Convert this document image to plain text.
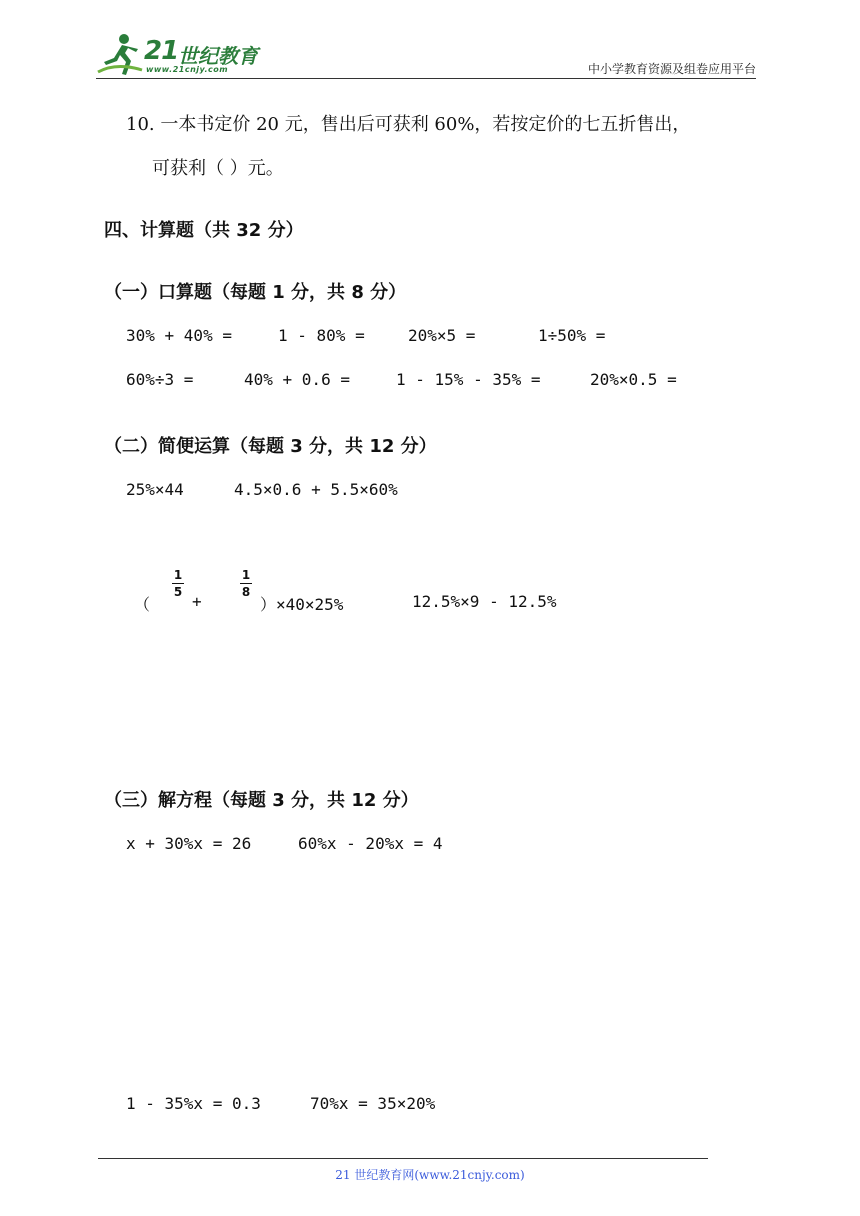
21 世纪教育
www.21cnjy.com	中小学教育资源及组卷应用平台
10. 一本书定价 20 元，售出后可获利 60%，若按定价的七五折售出，
可获利（ ）元。
四、计算题（共 32 分）
（一）口算题（每题 1 分，共 8 分）
30% + 40% =	1 - 80% =	20%×5 =	1÷50% =
60%÷3 =	40% + 0.6 =	1 - 15% - 35% =	20%×0.5 =
（二）简便运算（每题 3 分，共 12 分）
25%×44	4.5×0.6 + 5.5×60%
（
1
5 +
1
8
）×40×25%	12.5%×9 - 12.5%
（三）解方程（每题 3 分，共 12 分）
x + 30%x = 26	60%x - 20%x = 4
1 - 35%x = 0.3	70%x = 35×20%
21 世纪教育网(www.21cnjy.com)
